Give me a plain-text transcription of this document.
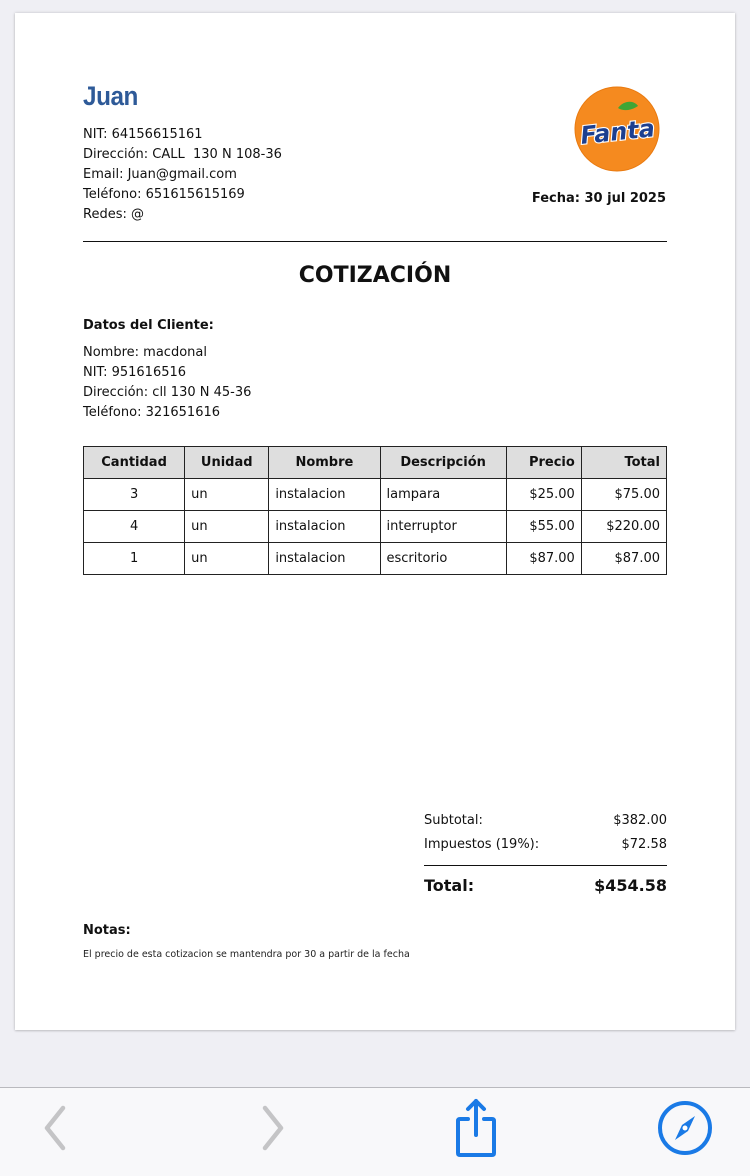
Juan
NIT: 64156615161
Dirección: CALL  130 N 108-36
Email: Juan@gmail.com
Teléfono: 651615615169
Redes: @
Fanta
Fecha: 30 jul 2025
COTIZACIÓN
Datos del Cliente:
Nombre: macdonal
NIT: 951616516
Dirección: cll 130 N 45-36
Teléfono: 321651616
Cantidad	Unidad	Nombre	Descripción	Precio	Total
3	un	instalacion	lampara	$25.00	$75.00
4	un	instalacion	interruptor	$55.00	$220.00
1	un	instalacion	escritorio	$87.00	$87.00
Subtotal:	$382.00
Impuestos (19%):	$72.58
Total:	$454.58
Notas:
El precio de esta cotizacion se mantendra por 30 a partir de la fecha
